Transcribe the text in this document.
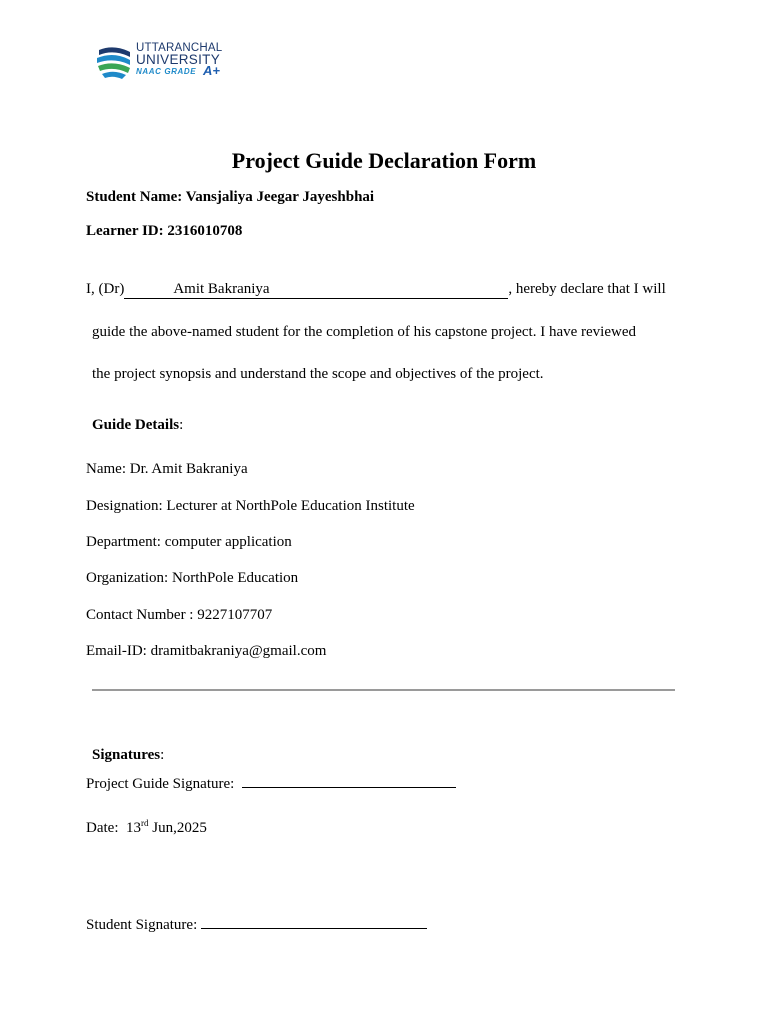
UTTARANCHAL
UNIVERSITY
NAAC GRADE A+
Project Guide Declaration Form
Student Name: Vansjaliya Jeegar Jayeshbhai
Learner ID: 2316010708
I, (Dr)	Amit Bakraniya	, hereby declare that I will
guide the above-named student for the completion of his capstone project. I have reviewed
the project synopsis and understand the scope and objectives of the project.
Guide Details:
Name: Dr. Amit Bakraniya
Designation: Lecturer at NorthPole Education Institute
Department: computer application
Organization: NorthPole Education
Contact Number : 9227107707
Email-ID: dramitbakraniya@gmail.com
Signatures:
Project Guide Signature:
Date: 13rd Jun,2025
Student Signature:
